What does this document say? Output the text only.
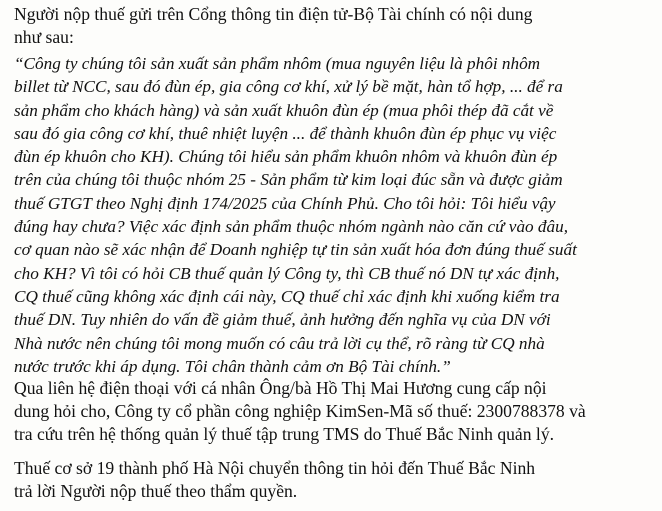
Người nộp thuế gửi trên Cổng thông tin điện tử-Bộ Tài chính có nội dung
như sau:

“Công ty chúng tôi sản xuất sản phẩm nhôm (mua nguyên liệu là phôi nhôm
billet từ NCC, sau đó đùn ép, gia công cơ khí, xử lý bề mặt, hàn tổ hợp, ... để ra
sản phẩm cho khách hàng) và sản xuất khuôn đùn ép (mua phôi thép đã cắt về
sau đó gia công cơ khí, thuê nhiệt luyện ... để thành khuôn đùn ép phục vụ việc
đùn ép khuôn cho KH). Chúng tôi hiểu sản phẩm khuôn nhôm và khuôn đùn ép
trên của chúng tôi thuộc nhóm 25 - Sản phẩm từ kim loại đúc sẵn và được giảm
thuế GTGT theo Nghị định 174/2025 của Chính Phủ. Cho tôi hỏi: Tôi hiểu vậy
đúng hay chưa? Việc xác định sản phẩm thuộc nhóm ngành nào căn cứ vào đâu,
cơ quan nào sẽ xác nhận để Doanh nghiệp tự tin sản xuất hóa đơn đúng thuế suất
cho KH? Vì tôi có hỏi CB thuế quản lý Công ty, thì CB thuế nó DN tự xác định,
CQ thuế cũng không xác định cái này, CQ thuế chỉ xác định khi xuống kiểm tra
thuế DN. Tuy nhiên do vấn đề giảm thuế, ảnh hưởng đến nghĩa vụ của DN với
Nhà nước nên chúng tôi mong muốn có câu trả lời cụ thể, rõ ràng từ CQ nhà
nước trước khi áp dụng. Tôi chân thành cảm ơn Bộ Tài chính.”

Qua liên hệ điện thoại với cá nhân Ông/bà Hồ Thị Mai Hương cung cấp nội
dung hỏi cho, Công ty cổ phần công nghiệp KimSen-Mã số thuế: 2300788378 và
tra cứu trên hệ thống quản lý thuế tập trung TMS do Thuế Bắc Ninh quản lý.

Thuế cơ sở 19 thành phố Hà Nội chuyển thông tin hỏi đến Thuế Bắc Ninh
trả lời Người nộp thuế theo thẩm quyền.
